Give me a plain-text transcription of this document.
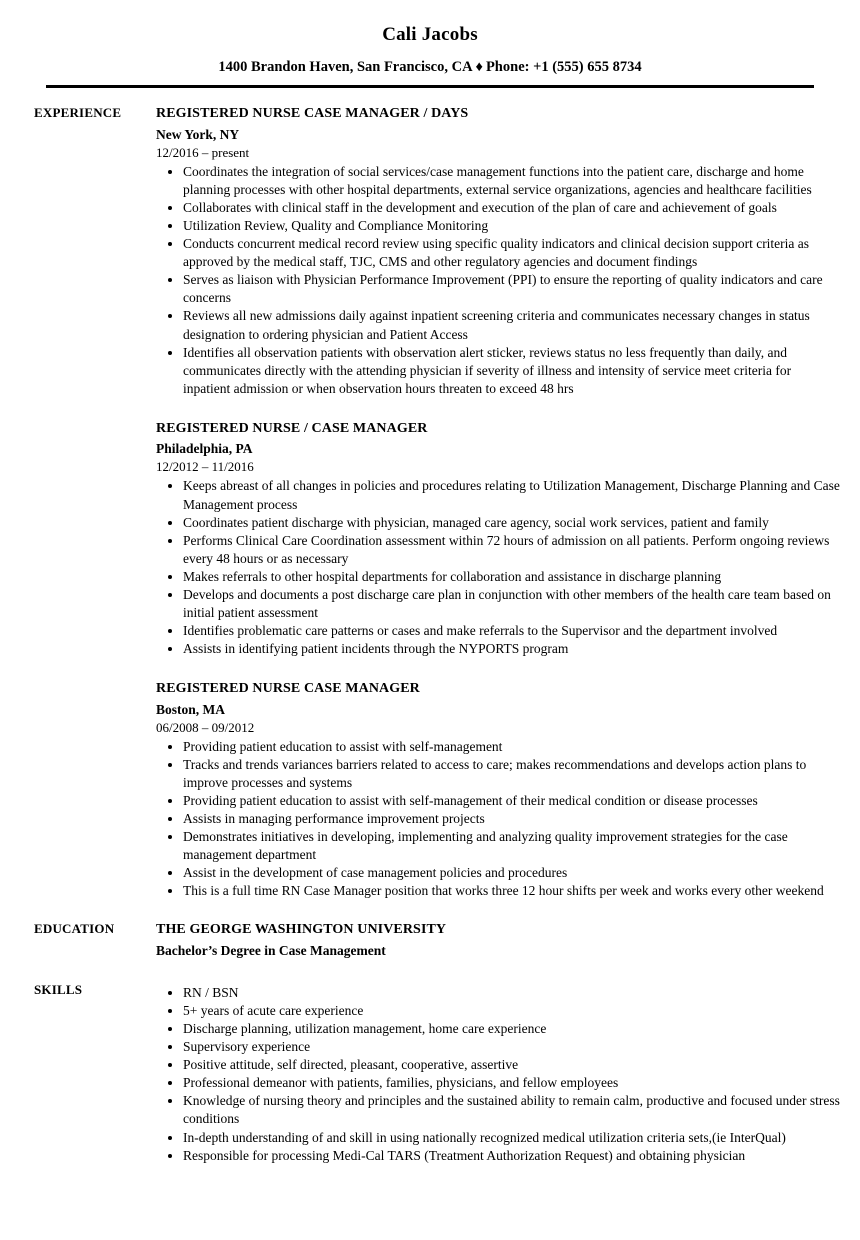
Cali Jacobs
1400 Brandon Haven, San Francisco, CA ♦ Phone: +1 (555) 655 8734
EXPERIENCE	REGISTERED NURSE CASE MANAGER / DAYS
New York, NY
12/2016 – present
Coordinates the integration of social services/case management functions into the patient care, discharge and home planning processes with other hospital departments, external service organizations, agencies and healthcare facilities
Collaborates with clinical staff in the development and execution of the plan of care and achievement of goals
Utilization Review, Quality and Compliance Monitoring
Conducts concurrent medical record review using specific quality indicators and clinical decision support criteria as approved by the medical staff, TJC, CMS and other regulatory agencies and document findings
Serves as liaison with Physician Performance Improvement (PPI) to ensure the reporting of quality indicators and care concerns
Reviews all new admissions daily against inpatient screening criteria and communicates necessary changes in status designation to ordering physician and Patient Access
Identifies all observation patients with observation alert sticker, reviews status no less frequently than daily, and communicates directly with the attending physician if severity of illness and intensity of service meet criteria for inpatient admission or when observation hours threaten to exceed 48 hrs
REGISTERED NURSE / CASE MANAGER
Philadelphia, PA
12/2012 – 11/2016
Keeps abreast of all changes in policies and procedures relating to Utilization Management, Discharge Planning and Case Management process
Coordinates patient discharge with physician, managed care agency, social work services, patient and family
Performs Clinical Care Coordination assessment within 72 hours of admission on all patients. Perform ongoing reviews every 48 hours or as necessary
Makes referrals to other hospital departments for collaboration and assistance in discharge planning
Develops and documents a post discharge care plan in conjunction with other members of the health care team based on initial patient assessment
Identifies problematic care patterns or cases and make referrals to the Supervisor and the department involved
Assists in identifying patient incidents through the NYPORTS program
REGISTERED NURSE CASE MANAGER
Boston, MA
06/2008 – 09/2012
Providing patient education to assist with self-management
Tracks and trends variances barriers related to access to care; makes recommendations and develops action plans to improve processes and systems
Providing patient education to assist with self-management of their medical condition or disease processes
Assists in managing performance improvement projects
Demonstrates initiatives in developing, implementing and analyzing quality improvement strategies for the case management department
Assist in the development of case management policies and procedures
This is a full time RN Case Manager position that works three 12 hour shifts per week and works every other weekend
EDUCATION	THE GEORGE WASHINGTON UNIVERSITY
Bachelor’s Degree in Case Management
SKILLS	RN / BSN
5+ years of acute care experience
Discharge planning, utilization management, home care experience
Supervisory experience
Positive attitude, self directed, pleasant, cooperative, assertive
Professional demeanor with patients, families, physicians, and fellow employees
Knowledge of nursing theory and principles and the sustained ability to remain calm, productive and focused under stress conditions
In-depth understanding of and skill in using nationally recognized medical utilization criteria sets,(ie InterQual)
Responsible for processing Medi-Cal TARS (Treatment Authorization Request) and obtaining physician
